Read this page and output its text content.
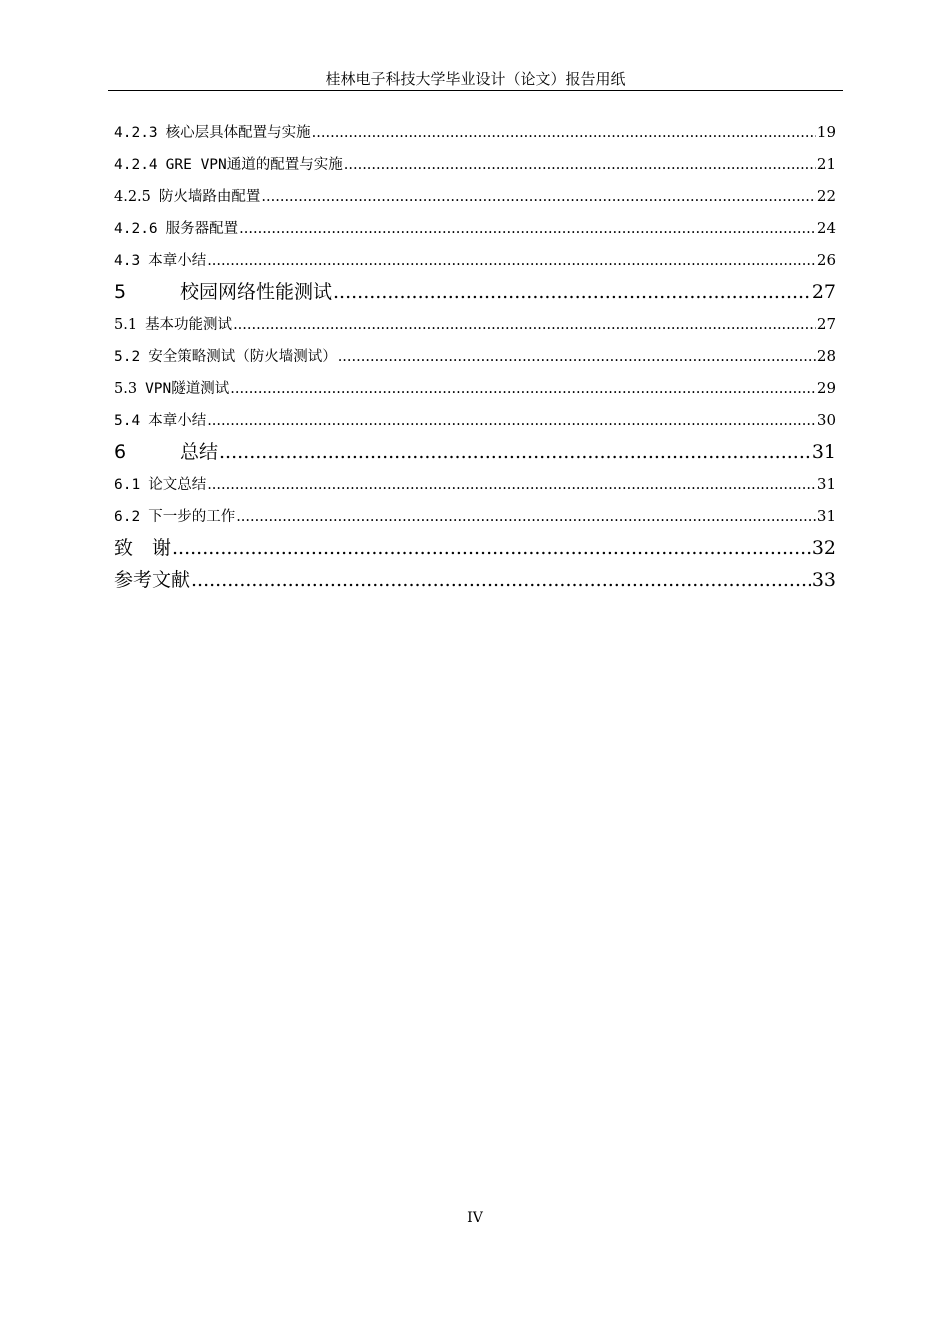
桂林电子科技大学毕业设计（论文）报告用纸
4.2.3 核心层具体配置与实施 .....	19
4.2.4 GRE VPN通道的配置与实施 .....	21
4.2.5 防火墙路由配置 .....	22
4.2.6 服务器配置 .....	24
4.3 本章小结 .....	26
5	校园网络性能测试 .....	27
5.1 基本功能测试 .....	27
5.2 安全策略测试（防火墙测试） .....	28
5.3 VPN隧道测试 .....	29
5.4 本章小结 .....	30
6	总结 .....	31
6.1 论文总结 .....	31
6.2 下一步的工作 .....	31
致　谢 .....	32
参考文献 .....	33
IV
